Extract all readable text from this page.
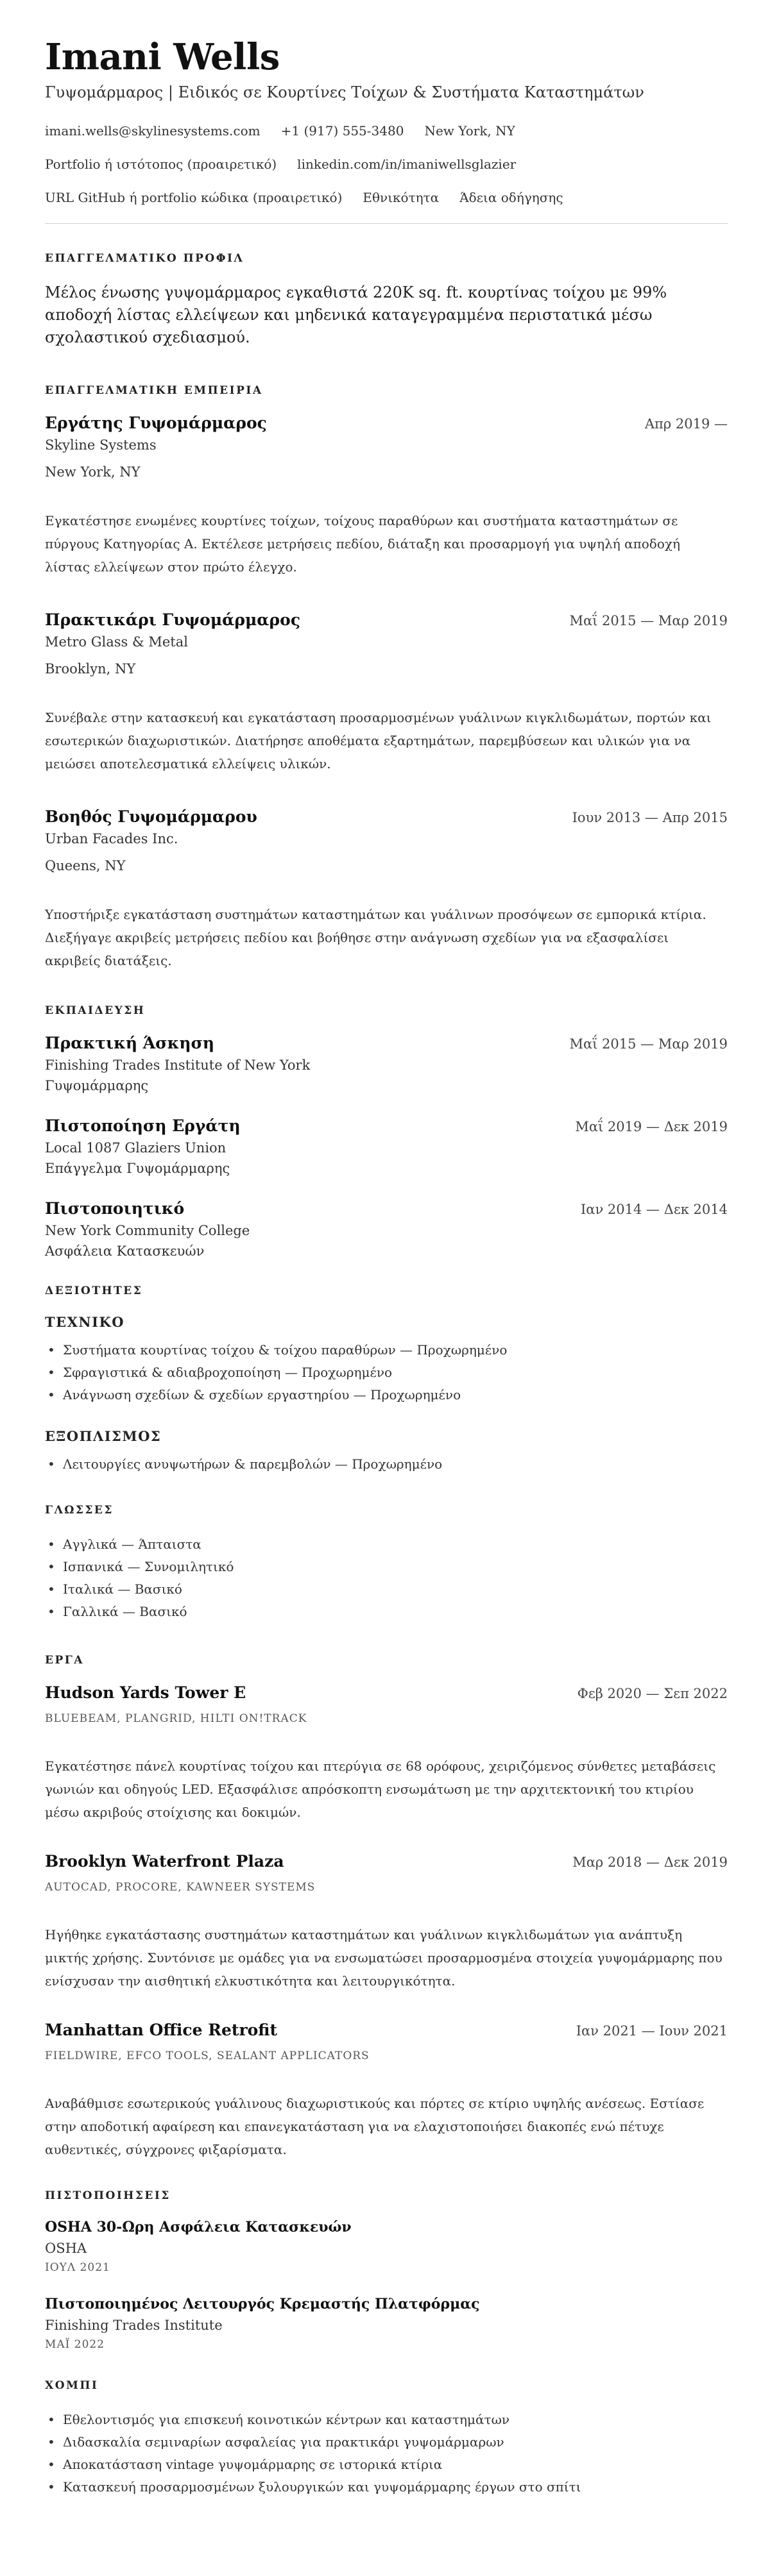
Imani Wells
Γυψομάρμαρος | Ειδικός σε Κουρτίνες Τοίχων & Συστήματα Καταστημάτων
imani.wells@skylinesystems.com +1 (917) 555-3480 New York, NY
Portfolio ή ιστότοπος (προαιρετικό) linkedin.com/in/imaniwellsglazier
URL GitHub ή portfolio κώδικα (προαιρετικό) Εθνικότητα Άδεια οδήγησης
ΕΠΑΓΓΕΛΜΑΤΙΚΟ ΠΡΟΦΙΛ

Μέλος ένωσης γυψομάρμαρος εγκαθιστά 220K sq. ft. κουρτίνας τοίχου με 99% αποδοχή λίστας ελλείψεων και μηδενικά καταγεγραμμένα περιστατικά μέσω σχολαστικού σχεδιασμού.

ΕΠΑΓΓΕΛΜΑΤΙΚΗ ΕΜΠΕΙΡΙΑ
Εργάτης Γυψομάρμαρος	Απρ 2019 —
Skyline Systems
New York, NY

Εγκατέστησε ενωμένες κουρτίνες τοίχων, τοίχους παραθύρων και συστήματα καταστημάτων σε πύργους Κατηγορίας Α. Εκτέλεσε μετρήσεις πεδίου, διάταξη και προσαρμογή για υψηλή αποδοχή λίστας ελλείψεων στον πρώτο έλεγχο.

Πρακτικάρι Γυψομάρμαρος	Μαΐ 2015 — Μαρ 2019
Metro Glass & Metal
Brooklyn, NY

Συνέβαλε στην κατασκευή και εγκατάσταση προσαρμοσμένων γυάλινων κιγκλιδωμάτων, πορτών και εσωτερικών διαχωριστικών. Διατήρησε αποθέματα εξαρτημάτων, παρεμβύσεων και υλικών για να μειώσει αποτελεσματικά ελλείψεις υλικών.

Βοηθός Γυψομάρμαρου	Ιουν 2013 — Απρ 2015
Urban Facades Inc.
Queens, NY

Υποστήριξε εγκατάσταση συστημάτων καταστημάτων και γυάλινων προσόψεων σε εμπορικά κτίρια. Διεξήγαγε ακριβείς μετρήσεις πεδίου και βοήθησε στην ανάγνωση σχεδίων για να εξασφαλίσει ακριβείς διατάξεις.

ΕΚΠΑΙΔΕΥΣΗ
Πρακτική Άσκηση	Μαΐ 2015 — Μαρ 2019
Finishing Trades Institute of New York
Γυψομάρμαρης
Πιστοποίηση Εργάτη	Μαΐ 2019 — Δεκ 2019
Local 1087 Glaziers Union
Επάγγελμα Γυψομάρμαρης
Πιστοποιητικό	Ιαν 2014 — Δεκ 2014
New York Community College
Ασφάλεια Κατασκευών
ΔΕΞΙΟΤΗΤΕΣ
ΤΕΧΝΙΚΟ
• Συστήματα κουρτίνας τοίχου & τοίχου παραθύρων — Προχωρημένο
• Σφραγιστικά & αδιαβροχοποίηση — Προχωρημένο
• Ανάγνωση σχεδίων & σχεδίων εργαστηρίου — Προχωρημένο
ΕΞΟΠΛΙΣΜΟΣ
• Λειτουργίες ανυψωτήρων & παρεμβολών — Προχωρημένο
ΓΛΩΣΣΕΣ
• Αγγλικά — Άπταιστα
• Ισπανικά — Συνομιλητικό
• Ιταλικά — Βασικό
• Γαλλικά — Βασικό
ΕΡΓΑ
Hudson Yards Tower E	Φεβ 2020 — Σεπ 2022
BLUEBEAM, PLANGRID, HILTI ON!TRACK

Εγκατέστησε πάνελ κουρτίνας τοίχου και πτερύγια σε 68 ορόφους, χειριζόμενος σύνθετες μεταβάσεις γωνιών και οδηγούς LED. Εξασφάλισε απρόσκοπτη ενσωμάτωση με την αρχιτεκτονική του κτιρίου μέσω ακριβούς στοίχισης και δοκιμών.

Brooklyn Waterfront Plaza	Μαρ 2018 — Δεκ 2019
AUTOCAD, PROCORE, KAWNEER SYSTEMS

Ηγήθηκε εγκατάστασης συστημάτων καταστημάτων και γυάλινων κιγκλιδωμάτων για ανάπτυξη μικτής χρήσης. Συντόνισε με ομάδες για να ενσωματώσει προσαρμοσμένα στοιχεία γυψομάρμαρης που ενίσχυσαν την αισθητική ελκυστικότητα και λειτουργικότητα.

Manhattan Office Retrofit	Ιαν 2021 — Ιουν 2021
FIELDWIRE, EFCO TOOLS, SEALANT APPLICATORS

Αναβάθμισε εσωτερικούς γυάλινους διαχωριστικούς και πόρτες σε κτίριο υψηλής ανέσεως. Εστίασε στην αποδοτική αφαίρεση και επανεγκατάσταση για να ελαχιστοποιήσει διακοπές ενώ πέτυχε αυθεντικές, σύγχρονες φιξαρίσματα.

ΠΙΣΤΟΠΟΙΗΣΕΙΣ
OSHA 30-Ωρη Ασφάλεια Κατασκευών
OSHA
ΙΟΥΛ 2021
Πιστοποιημένος Λειτουργός Κρεμαστής Πλατφόρμας
Finishing Trades Institute
ΜΑΪ 2022
ΧΟΜΠΙ
• Εθελοντισμός για επισκευή κοινοτικών κέντρων και καταστημάτων
• Διδασκαλία σεμιναρίων ασφαλείας για πρακτικάρι γυψομάρμαρων
• Αποκατάσταση vintage γυψομάρμαρης σε ιστορικά κτίρια
• Κατασκευή προσαρμοσμένων ξυλουργικών και γυψομάρμαρης έργων στο σπίτι
